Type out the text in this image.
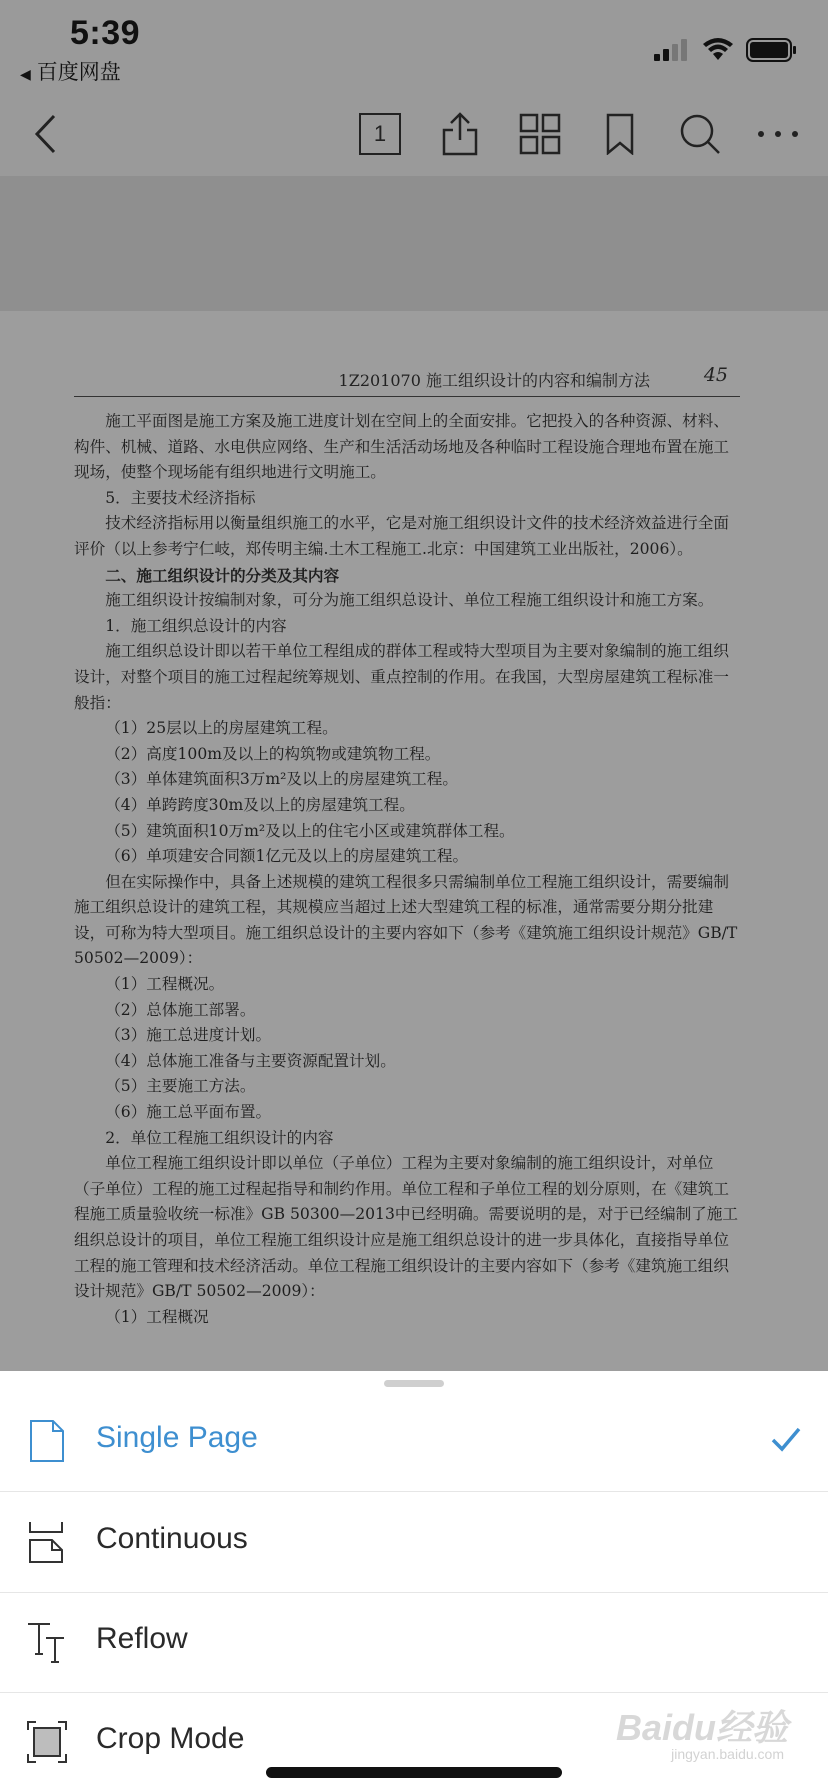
5:39
◀ 百度网盘
1
1Z201070 施工组织设计的内容和编制方法	45

施工平面图是施工方案及施工进度计划在空间上的全面安排。它把投入的各种资源、材料、构件、机械、道路、水电供应网络、生产和生活活动场地及各种临时工程设施合理地布置在施工现场，使整个现场能有组织地进行文明施工。

5．主要技术经济指标

技术经济指标用以衡量组织施工的水平，它是对施工组织设计文件的技术经济效益进行全面评价（以上参考宁仁岐，郑传明主编.土木工程施工.北京：中国建筑工业出版社，2006）。

二、施工组织设计的分类及其内容

施工组织设计按编制对象，可分为施工组织总设计、单位工程施工组织设计和施工方案。

1．施工组织总设计的内容

施工组织总设计即以若干单位工程组成的群体工程或特大型项目为主要对象编制的施工组织设计，对整个项目的施工过程起统筹规划、重点控制的作用。在我国，大型房屋建筑工程标准一般指：

（1）25层以上的房屋建筑工程。

（2）高度100m及以上的构筑物或建筑物工程。

（3）单体建筑面积3万m²及以上的房屋建筑工程。

（4）单跨跨度30m及以上的房屋建筑工程。

（5）建筑面积10万m²及以上的住宅小区或建筑群体工程。

（6）单项建安合同额1亿元及以上的房屋建筑工程。

但在实际操作中，具备上述规模的建筑工程很多只需编制单位工程施工组织设计，需要编制施工组织总设计的建筑工程，其规模应当超过上述大型建筑工程的标准，通常需要分期分批建设，可称为特大型项目。施工组织总设计的主要内容如下（参考《建筑施工组织设计规范》GB/T 50502—2009）：

（1）工程概况。

（2）总体施工部署。

（3）施工总进度计划。

（4）总体施工准备与主要资源配置计划。

（5）主要施工方法。

（6）施工总平面布置。

2．单位工程施工组织设计的内容

单位工程施工组织设计即以单位（子单位）工程为主要对象编制的施工组织设计，对单位（子单位）工程的施工过程起指导和制约作用。单位工程和子单位工程的划分原则，在《建筑工程施工质量验收统一标准》GB 50300—2013中已经明确。需要说明的是，对于已经编制了施工组织总设计的项目，单位工程施工组织设计应是施工组织总设计的进一步具体化，直接指导单位工程的施工管理和技术经济活动。单位工程施工组织设计的主要内容如下（参考《建筑施工组织设计规范》GB/T 50502—2009）：

（1）工程概况

Single Page
Continuous
Reflow
Crop Mode	Baidu经验
jingyan.baidu.com
